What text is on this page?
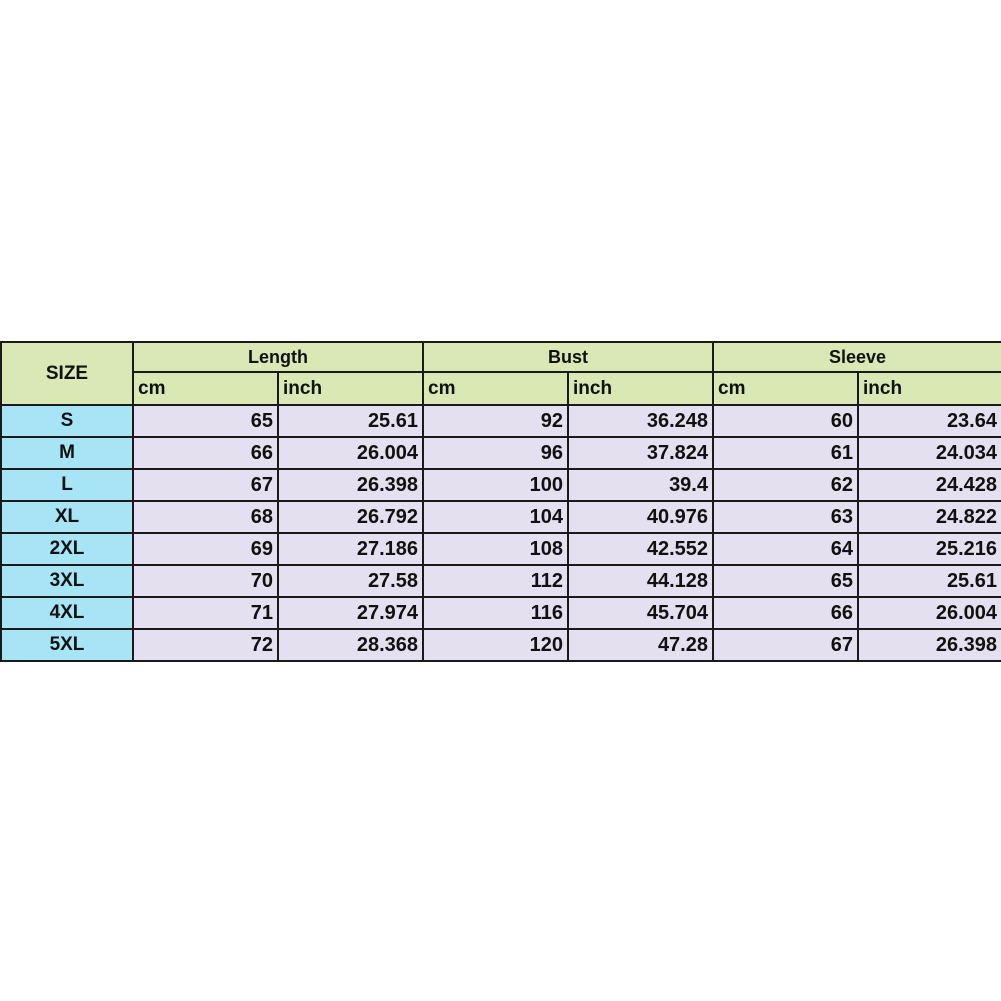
SIZE	Length		Bust		Sleeve	
	cm	inch	cm	inch	cm	inch
S	65	25.61	92	36.248	60	23.64
M	66	26.004	96	37.824	61	24.034
L	67	26.398	100	39.4	62	24.428
XL	68	26.792	104	40.976	63	24.822
2XL	69	27.186	108	42.552	64	25.216
3XL	70	27.58	112	44.128	65	25.61
4XL	71	27.974	116	45.704	66	26.004
5XL	72	28.368	120	47.28	67	26.398
